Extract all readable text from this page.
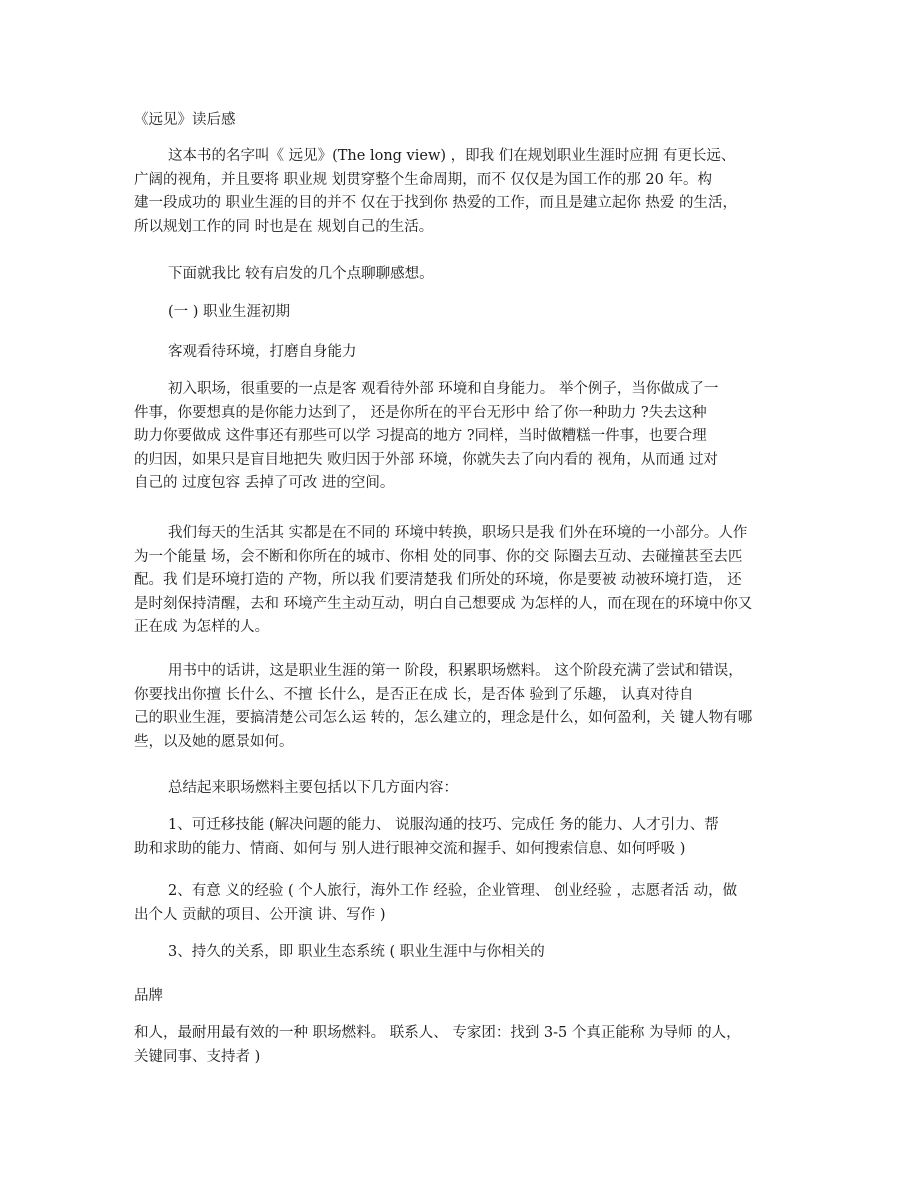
《远见》读后感
这本书的名字叫《 远见》(The long view) ，即我 们在规划职业生涯时应拥 有更长远、
广阔的视角，并且要将 职业规 划贯穿整个生命周期，而不 仅仅是为国工作的那 20 年。构
建一段成功的 职业生涯的目的并不 仅在于找到你 热爱的工作，而且是建立起你 热爱 的生活，
所以规划工作的同 时也是在 规划自己的生活。
下面就我比 较有启发的几个点聊聊感想。
(一 ) 职业生涯初期
客观看待环境，打磨自身能力
初入职场，很重要的一点是客 观看待外部 环境和自身能力。 举个例子，当你做成了一
件事，你要想真的是你能力达到了， 还是你所在的平台无形中 给了你一种助力 ?失去这种
助力你要做成 这件事还有那些可以学 习提高的地方 ?同样，当时做糟糕一件事，也要合理
的归因，如果只是盲目地把失 败归因于外部 环境，你就失去了向内看的 视角，从而通 过对
自己的 过度包容 丢掉了可改 进的空间。
我们每天的生活其 实都是在不同的 环境中转换，职场只是我 们外在环境的一小部分。人作
为一个能量 场，会不断和你所在的城市、你相 处的同事、你的交 际圈去互动、去碰撞甚至去匹
配。我 们是环境打造的 产物，所以我 们要清楚我 们所处的环境，你是要被 动被环境打造， 还
是时刻保持清醒，去和 环境产生主动互动，明白自己想要成 为怎样的人，而在现在的环境中你又
正在成 为怎样的人。
用书中的话讲，这是职业生涯的第一 阶段，积累职场燃料。 这个阶段充满了尝试和错误，
你要找出你擅 长什么、不擅 长什么，是否正在成 长，是否体 验到了乐趣， 认真对待自
己的职业生涯，要搞清楚公司怎么运 转的，怎么建立的，理念是什么，如何盈利，关 键人物有哪
些，以及她的愿景如何。
总结起来职场燃料主要包括以下几方面内容：
1、可迁移技能 (解决问题的能力、 说服沟通的技巧、完成任 务的能力、人才引力、帮
助和求助的能力、情商、如何与 别人进行眼神交流和握手、如何搜索信息、如何呼吸 )
2、有意 义的经验 ( 个人旅行，海外工作 经验，企业管理、 创业经验 ，志愿者活 动，做
出个人 贡献的项目、公开演 讲、写作 )
3、持久的关系，即 职业生态系统 ( 职业生涯中与你相关的
品牌
和人，最耐用最有效的一种 职场燃料。 联系人、 专家团：找到 3-5 个真正能称 为导师 的人，
关键同事、支持者 )
